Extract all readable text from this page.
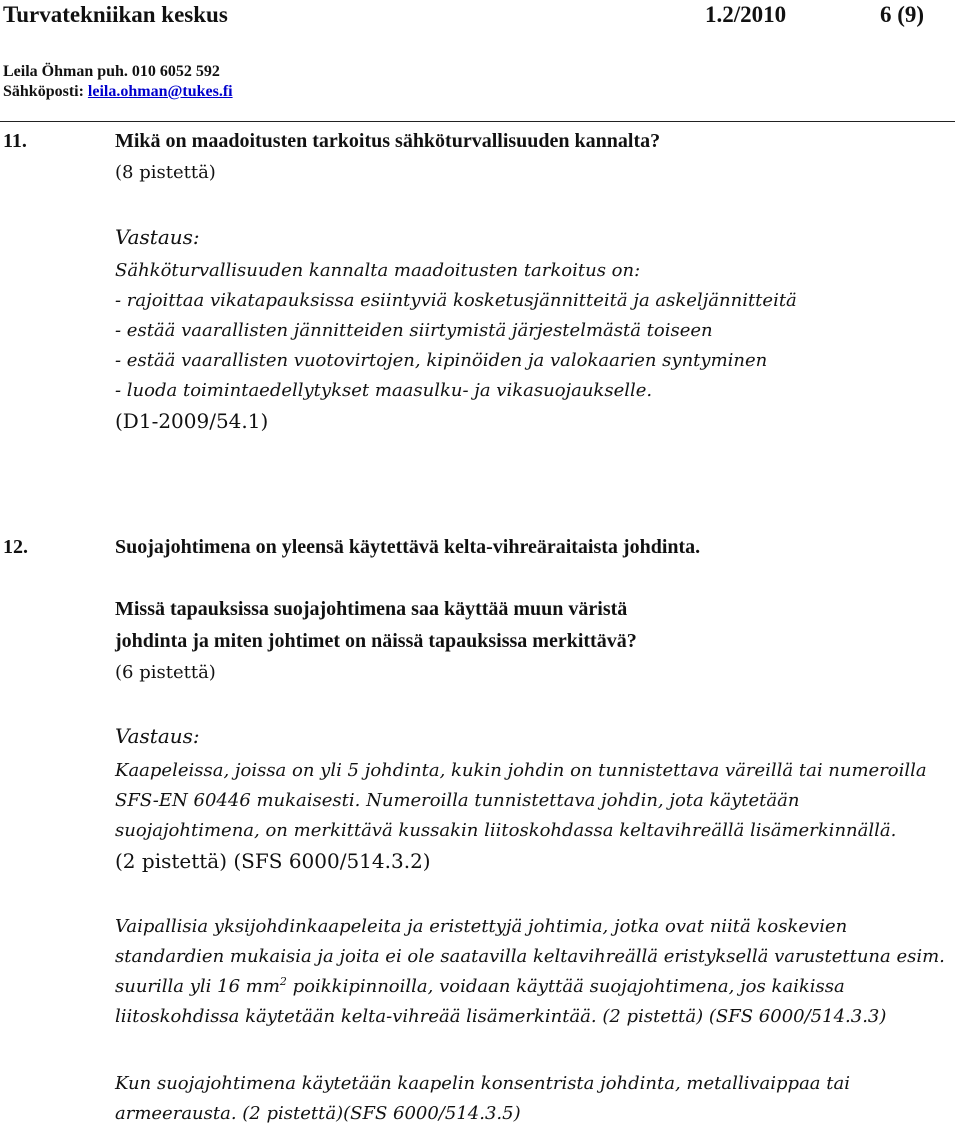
Turvatekniikan keskus	1.2/2010	6 (9)
Leila Öhman puh. 010 6052 592
Sähköposti: leila.ohman@tukes.fi
11.	Mikä on maadoitusten tarkoitus sähköturvallisuuden kannalta?
(8 pistettä)
Vastaus:
Sähköturvallisuuden kannalta maadoitusten tarkoitus on:
- rajoittaa vikatapauksissa esiintyviä kosketusjännitteitä ja askeljännitteitä
- estää vaarallisten jännitteiden siirtymistä järjestelmästä toiseen
- estää vaarallisten vuotovirtojen, kipinöiden ja valokaarien syntyminen
- luoda toimintaedellytykset maasulku- ja vikasuojaukselle.
(D1-2009/54.1)
12.	Suojajohtimena on yleensä käytettävä kelta-vihreäraitaista johdinta.
Missä tapauksissa suojajohtimena saa käyttää muun väristä
johdinta ja miten johtimet on näissä tapauksissa merkittävä?
(6 pistettä)
Vastaus:
Kaapeleissa, joissa on yli 5 johdinta, kukin johdin on tunnistettava väreillä tai numeroilla
SFS-EN 60446 mukaisesti. Numeroilla tunnistettava johdin, jota käytetään
suojajohtimena, on merkittävä kussakin liitoskohdassa keltavihreällä lisämerkinnällä.
(2 pistettä) (SFS 6000/514.3.2)
Vaipallisia yksijohdinkaapeleita ja eristettyjä johtimia, jotka ovat niitä koskevien
standardien mukaisia ja joita ei ole saatavilla keltavihreällä eristyksellä varustettuna esim.
suurilla yli 16 $mm^2$ poikkipinnoilla, voidaan käyttää suojajohtimena, jos kaikissa
liitoskohdissa käytetään kelta-vihreää lisämerkintää. (2 pistettä) (SFS 6000/514.3.3)
Kun suojajohtimena käytetään kaapelin konsentrista johdinta, metallivaippaa tai
armeerausta. (2 pistettä)(SFS 6000/514.3.5)
